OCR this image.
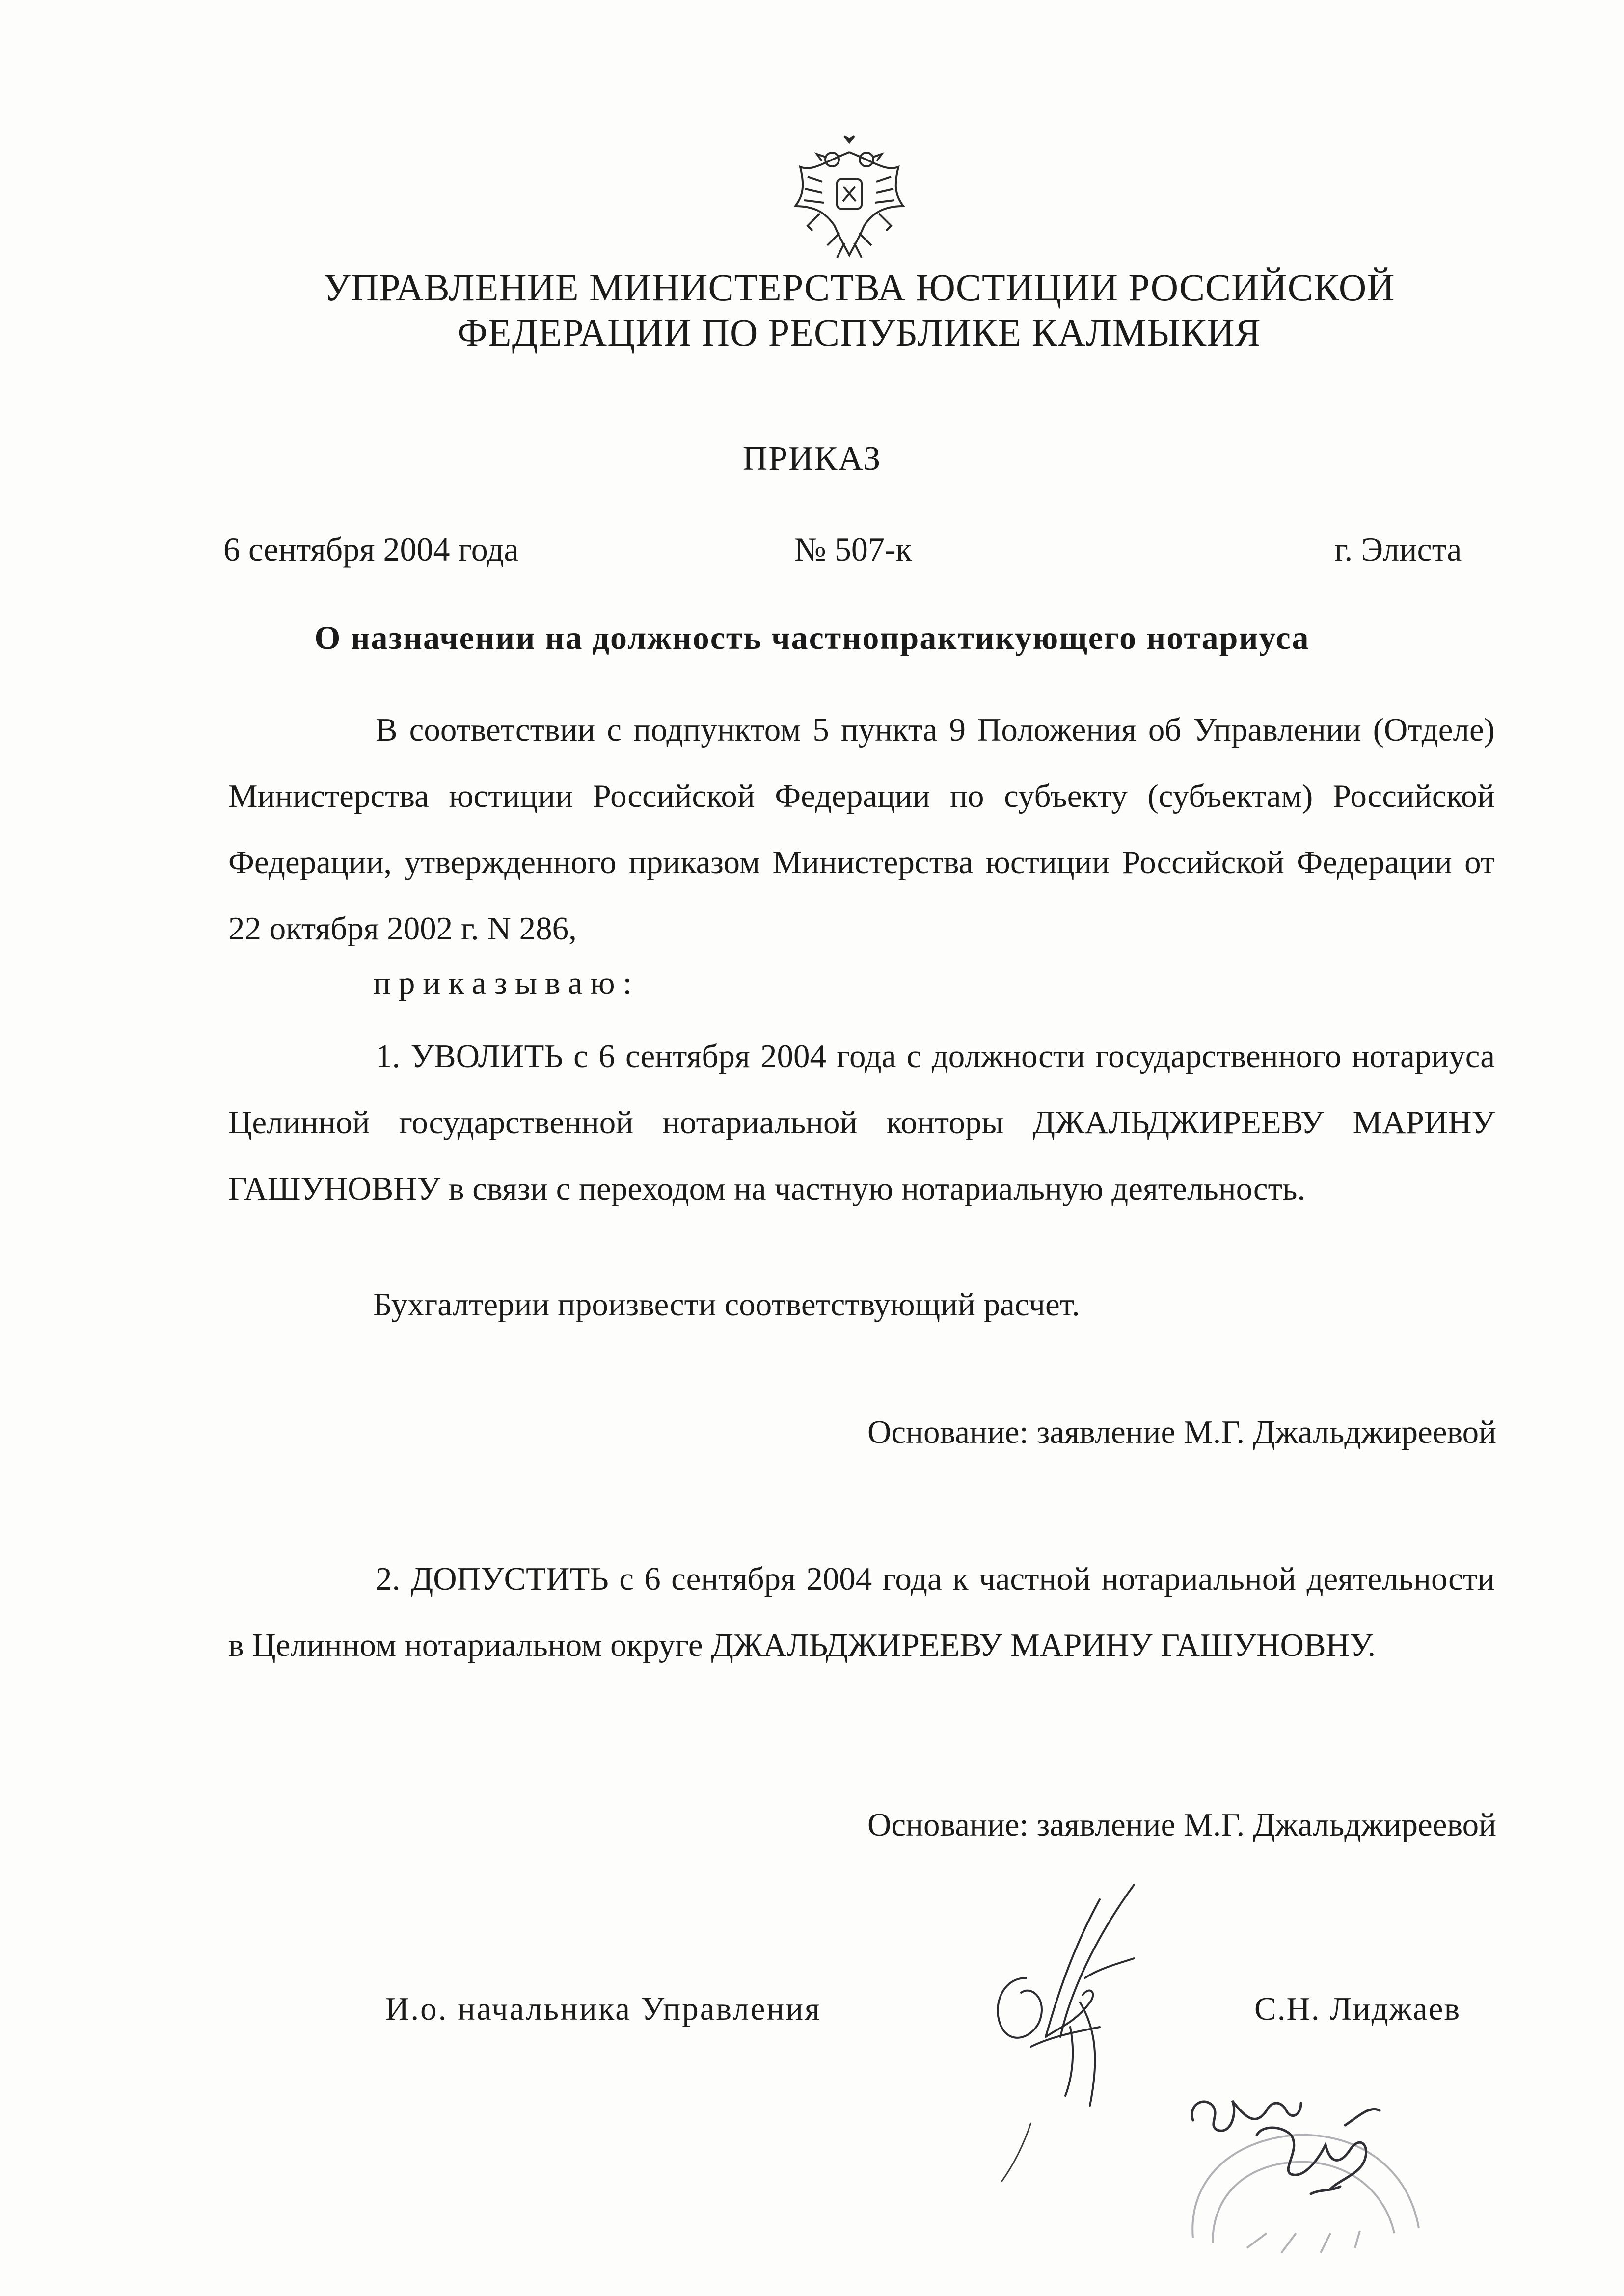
УПРАВЛЕНИЕ МИНИСТЕРСТВА ЮСТИЦИИ РОССИЙСКОЙ
ФЕДЕРАЦИИ ПО РЕСПУБЛИКЕ КАЛМЫКИЯ
ПРИКАЗ
6 сентября 2004 года	№ 507-к	г. Элиста
О назначении на должность частнопрактикующего нотариуса
В соответствии с подпунктом 5 пункта 9 Положения об Управлении (Отделе) Министерства юстиции Российской Федерации по субъекту (субъектам) Российской Федерации, утвержденного приказом Министерства юстиции Российской Федерации от 22 октября 2002 г. N 286,
приказываю:
1. УВОЛИТЬ с 6 сентября 2004 года с должности государственного нотариуса Целинной государственной нотариальной конторы ДЖАЛЬДЖИРЕЕВУ МАРИНУ ГАШУНОВНУ в связи с переходом на частную нотариальную деятельность.
Бухгалтерии произвести соответствующий расчет.
Основание: заявление М.Г. Джальджиреевой
2. ДОПУСТИТЬ с 6 сентября 2004 года к частной нотариальной деятельности в Целинном нотариальном округе ДЖАЛЬДЖИРЕЕВУ МАРИНУ ГАШУНОВНУ.
Основание: заявление М.Г. Джальджиреевой
И.о. начальника Управления	С.Н. Лиджаев
